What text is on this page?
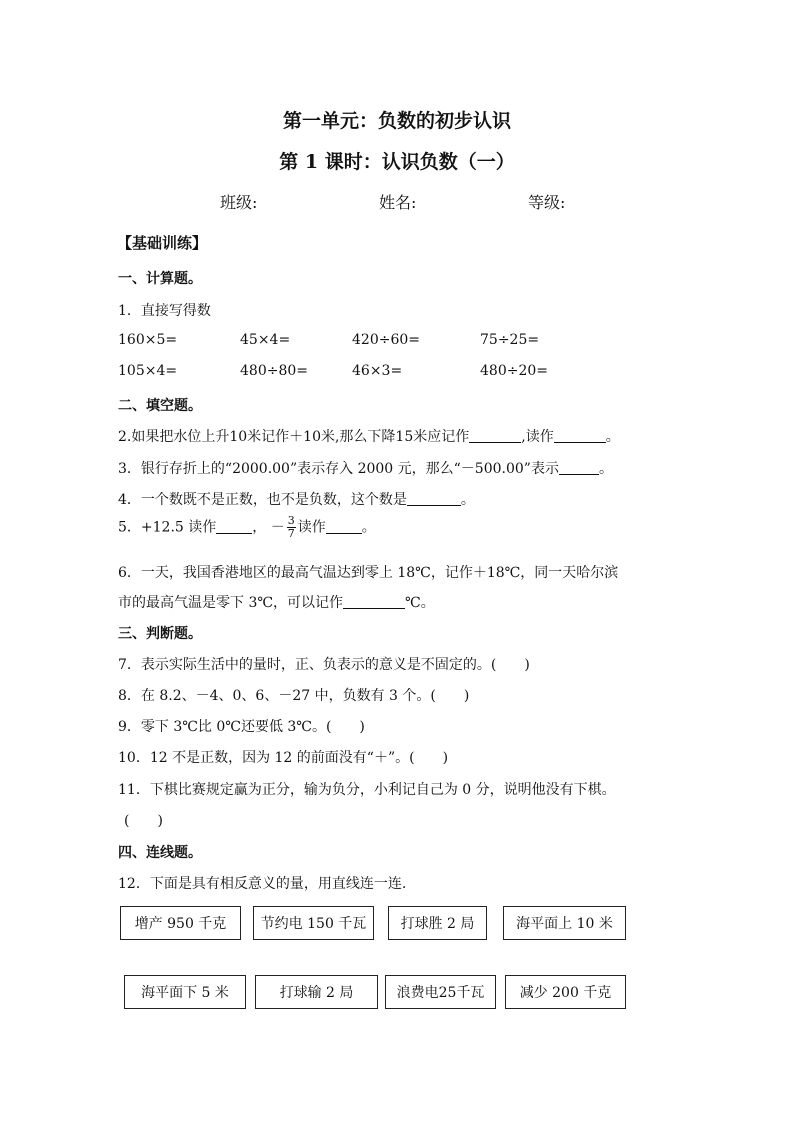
第一单元：负数的初步认识
第 1 课时：认识负数（一）
班级:	姓名:	等级:
【基础训练】
一、计算题。
1．直接写得数
160×5=	45×4=	420÷60=	75÷25=
105×4=	480÷80=	46×3=	480÷20=
二、填空题。
2.如果把水位上升10米记作＋10米,那么下降15米应记作	,读作	。
3．银行存折上的“2000.00”表示存入 2000 元，那么“－500.00”表示	。
4．一个数既不是正数，也不是负数，这个数是	。
5．+12.5 读作	， － $\frac{3}{7}$ 读作	。
6．一天，我国香港地区的最高气温达到零上 18℃，记作＋18℃，同一天哈尔滨
市的最高气温是零下 3℃，可以记作	℃。
三、判断题。
7．表示实际生活中的量时，正、负表示的意义是不固定的。(　　)
8．在 8.2、－4、0、6、－27 中，负数有 3 个。(　　)
9．零下 3℃比 0℃还要低 3℃。(　　)
10．12 不是正数，因为 12 的前面没有“＋”。(　　)
11．下棋比赛规定赢为正分，输为负分，小利记自己为 0 分，说明他没有下棋。
(　　)
四、连线题。
12．下面是具有相反意义的量，用直线连一连.
增产 950 千克	节约电 150 千瓦	打球胜 2 局	海平面上 10 米
海平面下 5 米	打球输 2 局	浪费电25千瓦	减少 200 千克
